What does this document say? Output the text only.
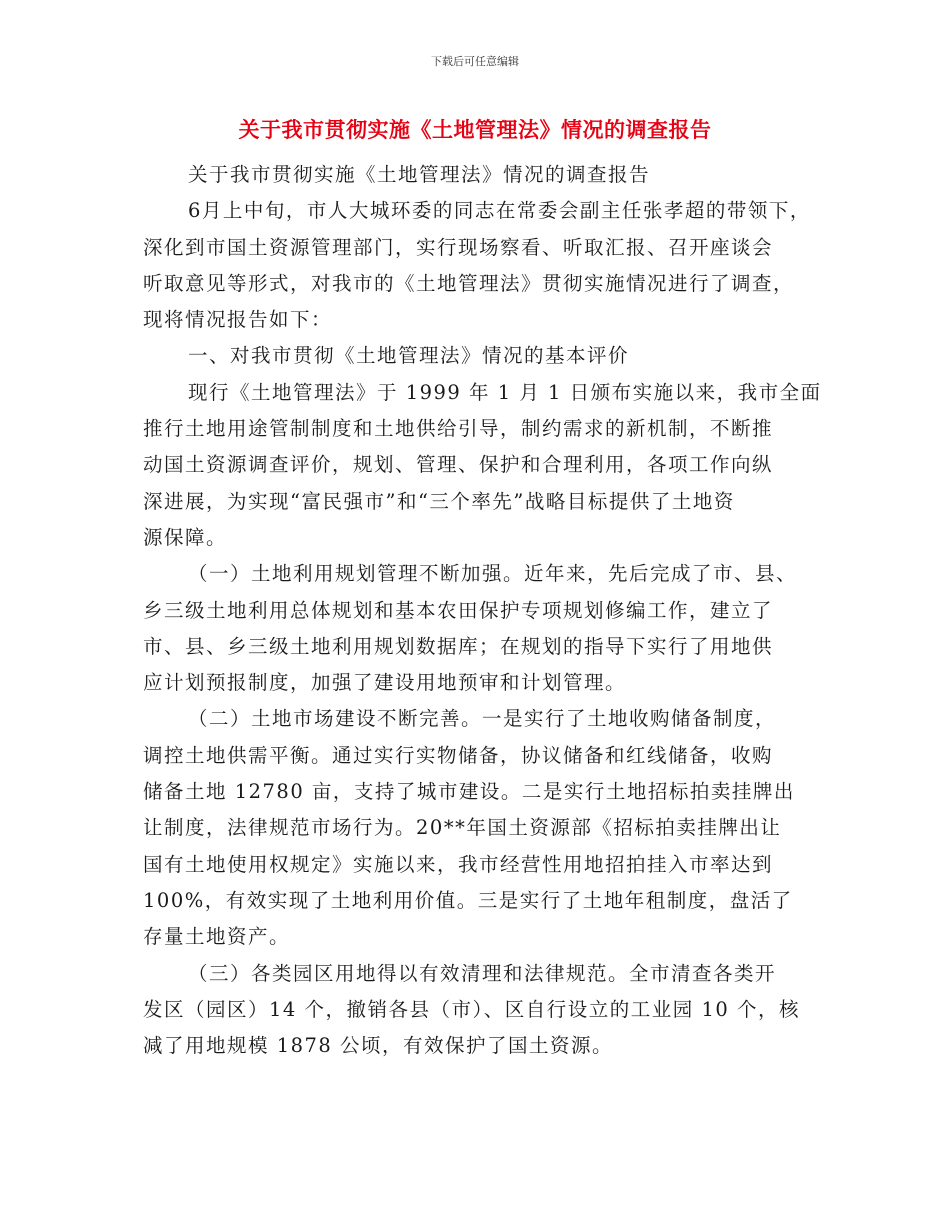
下载后可任意编辑
关于我市贯彻实施《土地管理法》情况的调查报告
关于我市贯彻实施《土地管理法》情况的调查报告
6月上中旬，市人大城环委的同志在常委会副主任张孝超的带领下，
深化到市国土资源管理部门，实行现场察看、听取汇报、召开座谈会
听取意见等形式，对我市的《土地管理法》贯彻实施情况进行了调查，
现将情况报告如下：
一、对我市贯彻《土地管理法》情况的基本评价
现行《土地管理法》于 1999 年 1 月 1 日颁布实施以来，我市全面
推行土地用途管制制度和土地供给引导，制约需求的新机制，不断推
动国土资源调查评价，规划、管理、保护和合理利用，各项工作向纵
深进展，为实现“富民强市”和“三个率先”战略目标提供了土地资
源保障。
（一）土地利用规划管理不断加强。近年来，先后完成了市、县、
乡三级土地利用总体规划和基本农田保护专项规划修编工作，建立了
市、县、乡三级土地利用规划数据库；在规划的指导下实行了用地供
应计划预报制度，加强了建设用地预审和计划管理。
（二）土地市场建设不断完善。一是实行了土地收购储备制度，
调控土地供需平衡。通过实行实物储备，协议储备和红线储备，收购
储备土地 12780 亩，支持了城市建设。二是实行土地招标拍卖挂牌出
让制度，法律规范市场行为。20**年国土资源部《招标拍卖挂牌出让
国有土地使用权规定》实施以来，我市经营性用地招拍挂入市率达到
100%，有效实现了土地利用价值。三是实行了土地年租制度，盘活了
存量土地资产。
（三）各类园区用地得以有效清理和法律规范。全市清查各类开
发区（园区）14 个，撤销各县（市）、区自行设立的工业园 10 个，核
减了用地规模 1878 公顷，有效保护了国土资源。
